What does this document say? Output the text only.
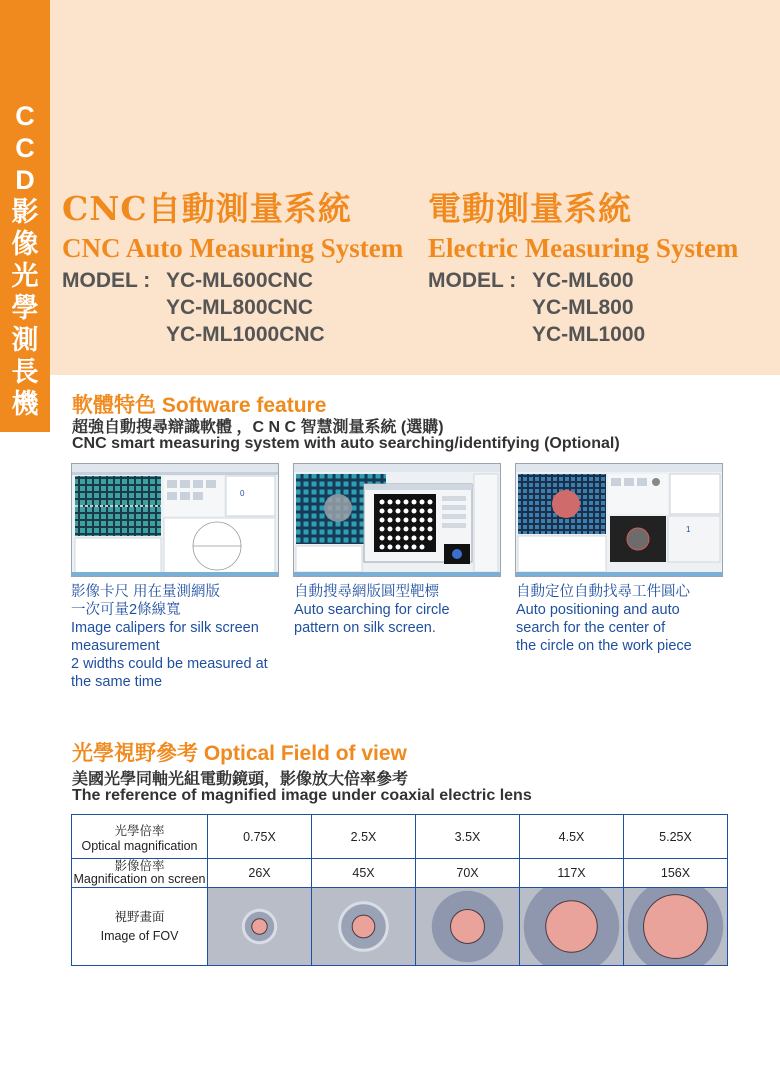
C
C
D
影
像
光
學
測
長
機
CNC自動測量系統
CNC Auto Measuring System
MODEL : YC-ML600CNC
YC-ML800CNC
YC-ML1000CNC
電動測量系統
Electric Measuring System
MODEL : YC-ML600
YC-ML800
YC-ML1000
軟體特色 Software feature
超強自動搜尋辯識軟體 ，C N C 智慧測量系統 (選購)
CNC smart measuring system with auto searching/identifying (Optional)
0
1
影像卡尺 用在量測網版
一次可量2條線寬
Image calipers for silk screen
measurement
2 widths could be measured at
the same time
自動搜尋網版圓型靶標
Auto searching for circle
pattern on silk screen.
自動定位自動找尋工件圓心
Auto positioning and auto
search for the center of
the circle on the work piece
光學視野參考 Optical Field of view
美國光學同軸光組電動鏡頭，影像放大倍率參考
The reference of magnified image under coaxial electric lens
光學倍率
Optical magnification	0.75X	2.5X	3.5X	4.5X	5.25X

影像倍率
Magnification on screen	26X	45X	70X	117X	156X

視野畫面
Image of FOV
